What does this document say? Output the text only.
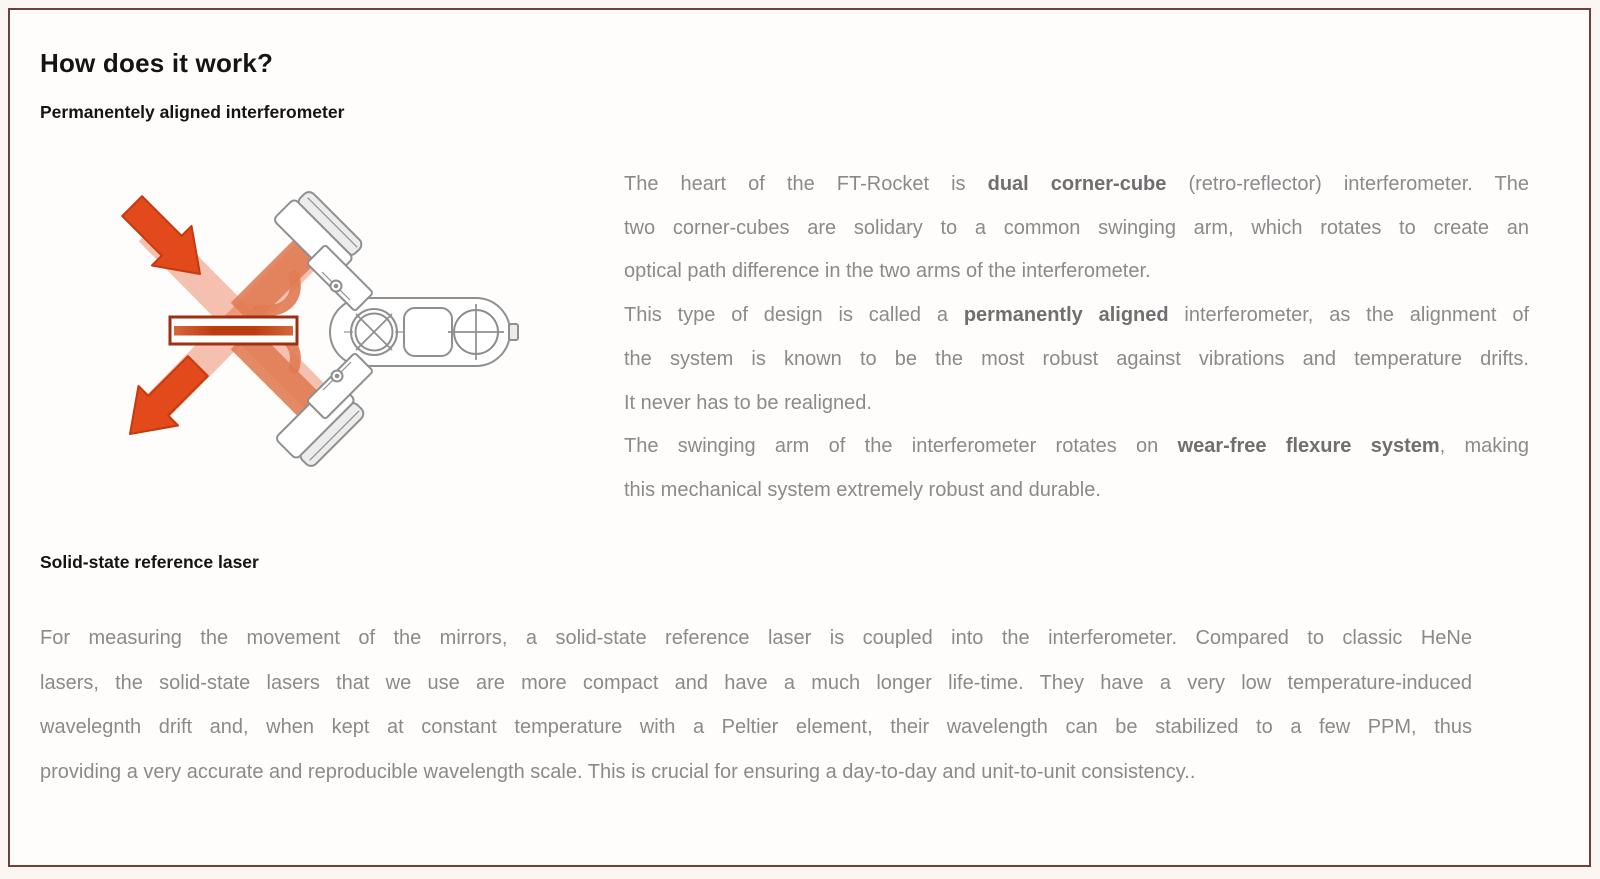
How does it work?
Permanentely aligned interferometer
The heart of the FT-Rocket is dual corner-cube (retro-reflector) interferometer. The
two corner-cubes are solidary to a common swinging arm, which rotates to create an
optical path difference in the two arms of the interferometer.
This type of design is called a permanently aligned interferometer, as the alignment of
the system is known to be the most robust against vibrations and temperature drifts.
It never has to be realigned.
The swinging arm of the interferometer rotates on wear-free flexure system, making
this mechanical system extremely robust and durable.
Solid-state reference laser
For measuring the movement of the mirrors, a solid-state reference laser is coupled into the interferometer. Compared to classic HeNe
lasers, the solid-state lasers that we use are more compact and have a much longer life-time. They have a very low temperature-induced
wavelegnth drift and, when kept at constant temperature with a Peltier element, their wavelength can be stabilized to a few PPM, thus
providing a very accurate and reproducible wavelength scale. This is crucial for ensuring a day-to-day and unit-to-unit consistency..
